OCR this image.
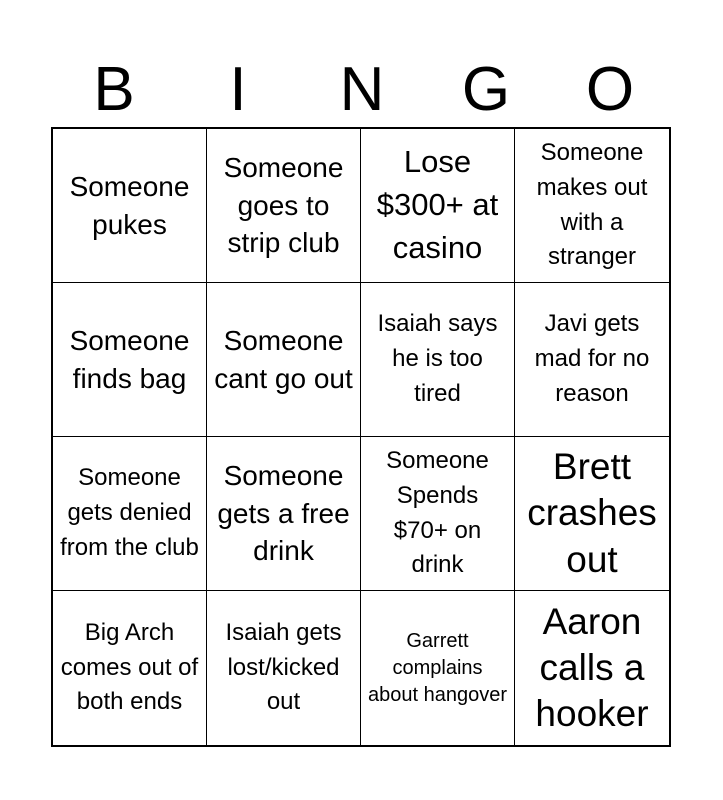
B	I	N	G	O
Someone pukes
Someone goes to strip club
Lose $300+ at casino
Someone makes out with a stranger
Someone finds bag
Someone cant go out
Isaiah says he is too tired
Javi gets mad for no reason
Someone gets denied from the club
Someone gets a free drink
Someone Spends $70+ on drink
Brett crashes out
Big Arch comes out of both ends
Isaiah gets lost/kicked out
Garrett complains about hangover
Aaron calls a hooker
